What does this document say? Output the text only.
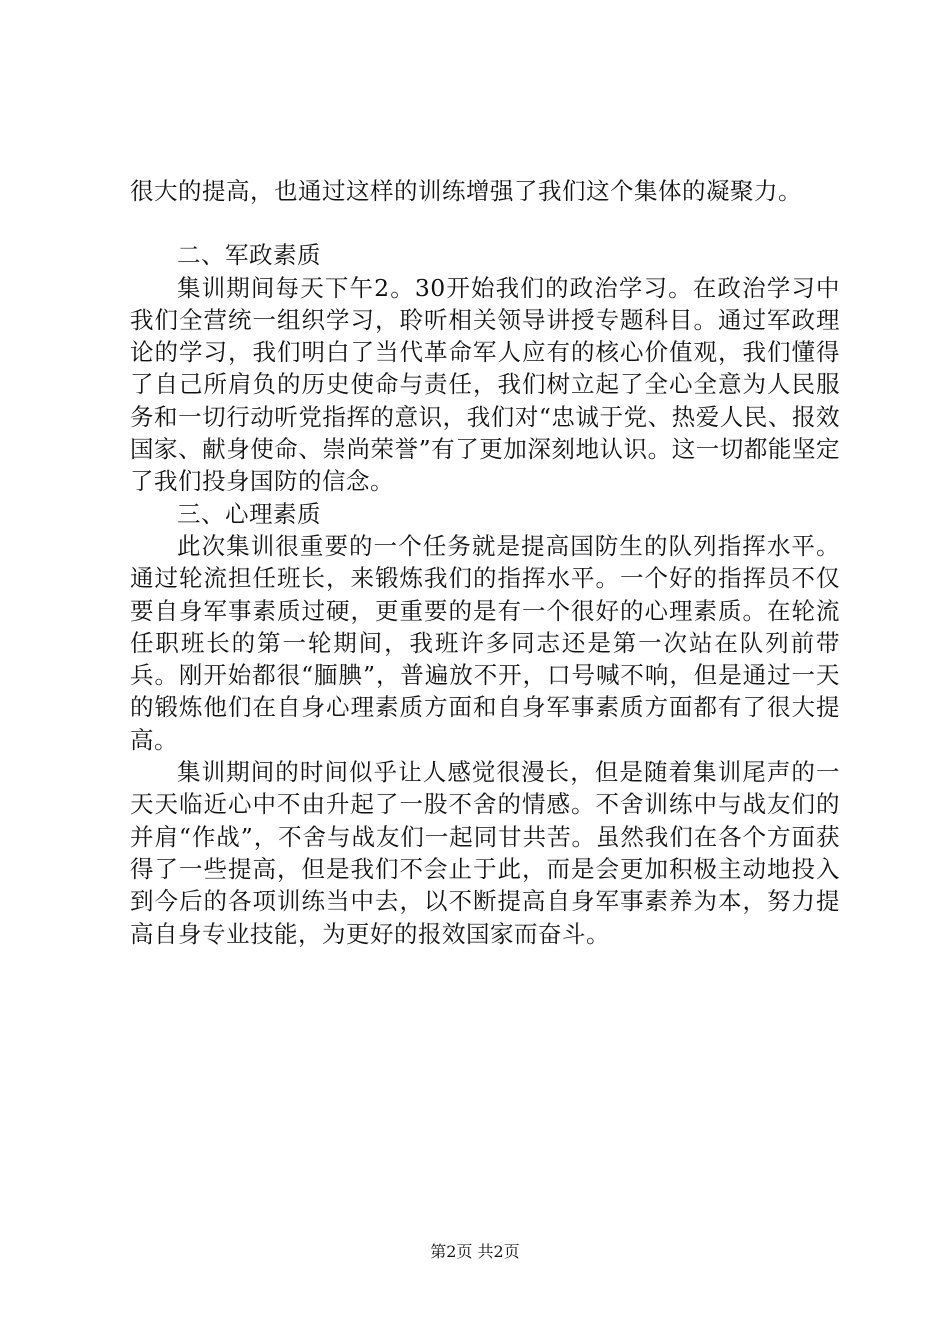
很大的提高，也通过这样的训练增强了我们这个集体的凝聚力。

二、军政素质

集训期间每天下午2。30开始我们的政治学习。在政治学习中我们全营统一组织学习，聆听相关领导讲授专题科目。通过军政理论的学习，我们明白了当代革命军人应有的核心价值观，我们懂得了自己所肩负的历史使命与责任，我们树立起了全心全意为人民服务和一切行动听党指挥的意识，我们对“忠诚于党、热爱人民、报效国家、献身使命、崇尚荣誉”有了更加深刻地认识。这一切都能坚定了我们投身国防的信念。

三、心理素质

此次集训很重要的一个任务就是提高国防生的队列指挥水平。通过轮流担任班长，来锻炼我们的指挥水平。一个好的指挥员不仅要自身军事素质过硬，更重要的是有一个很好的心理素质。在轮流任职班长的第一轮期间，我班许多同志还是第一次站在队列前带兵。刚开始都很“腼腆”，普遍放不开，口号喊不响，但是通过一天的锻炼他们在自身心理素质方面和自身军事素质方面都有了很大提高。

集训期间的时间似乎让人感觉很漫长，但是随着集训尾声的一天天临近心中不由升起了一股不舍的情感。不舍训练中与战友们的并肩“作战”，不舍与战友们一起同甘共苦。虽然我们在各个方面获得了一些提高，但是我们不会止于此，而是会更加积极主动地投入到今后的各项训练当中去，以不断提高自身军事素养为本，努力提高自身专业技能，为更好的报效国家而奋斗。

第2页 共2页
